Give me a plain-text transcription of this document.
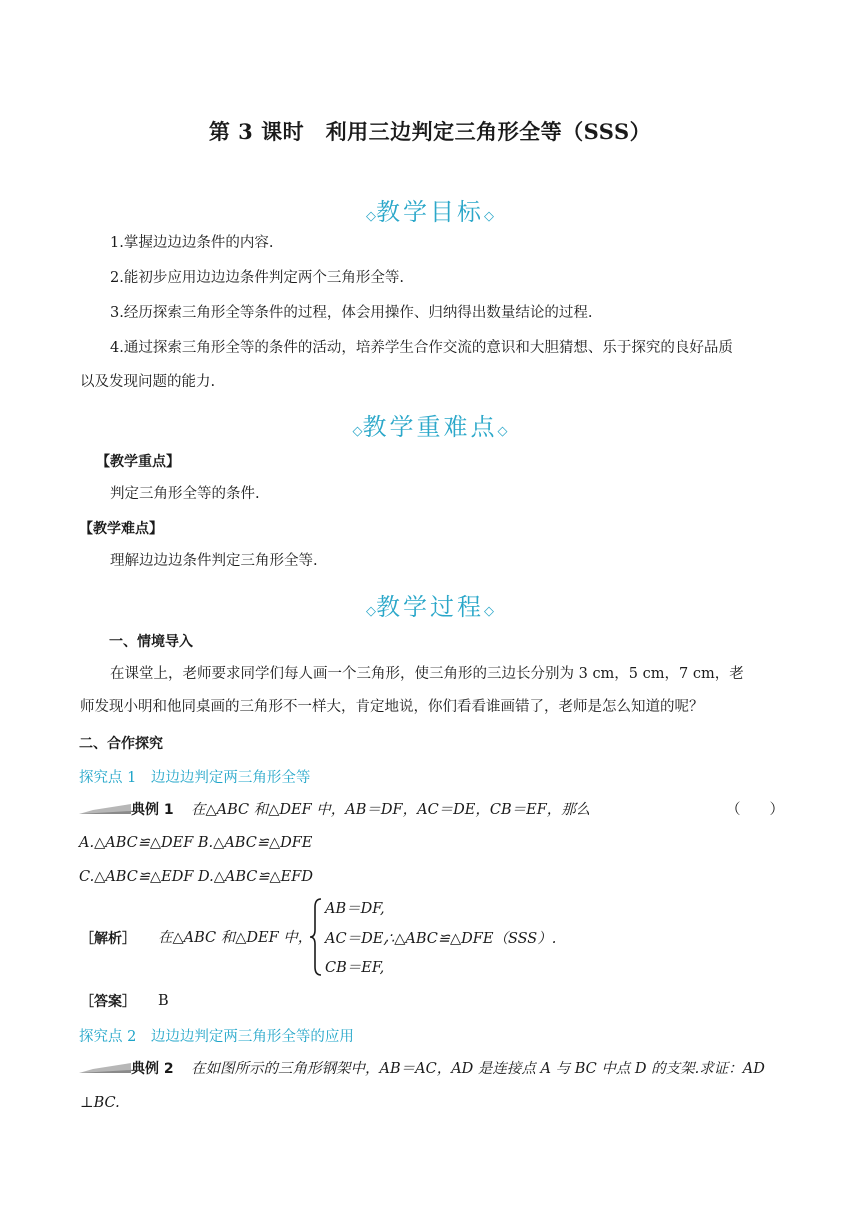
第 3 课时　利用三边判定三角形全等（SSS）
◇教学目标◇
1.掌握边边边条件的内容.
2.能初步应用边边边条件判定两个三角形全等.
3.经历探索三角形全等条件的过程，体会用操作、归纳得出数量结论的过程.
4.通过探索三角形全等的条件的活动，培养学生合作交流的意识和大胆猜想、乐于探究的良好品质
以及发现问题的能力.
◇教学重难点◇
【教学重点】
判定三角形全等的条件.
【教学难点】
理解边边边条件判定三角形全等.
◇教学过程◇
一、情境导入
在课堂上，老师要求同学们每人画一个三角形，使三角形的三边长分别为 3 cm，5 cm，7 cm，老
师发现小明和他同桌画的三角形不一样大，肯定地说，你们看看谁画错了，老师是怎么知道的呢？
二、合作探究
探究点 1　边边边判定两三角形全等
典例 1 在△ABC 和△DEF 中，AB＝DF，AC＝DE，CB＝EF，那么	（　　）
A.△ABC≌△DEF B.△ABC≌△DFE
C.△ABC≌△EDF D.△ABC≌△EFD
［解析］ 在△ABC 和△DEF 中，
AB＝DF,
AC＝DE,
∴△ABC≌△DFE（SSS）.
CB＝EF,
［答案］ B
探究点 2　边边边判定两三角形全等的应用
典例 2 在如图所示的三角形钢架中，AB＝AC，AD 是连接点 A 与 BC 中点 D 的支架.求证：AD
⊥BC.
